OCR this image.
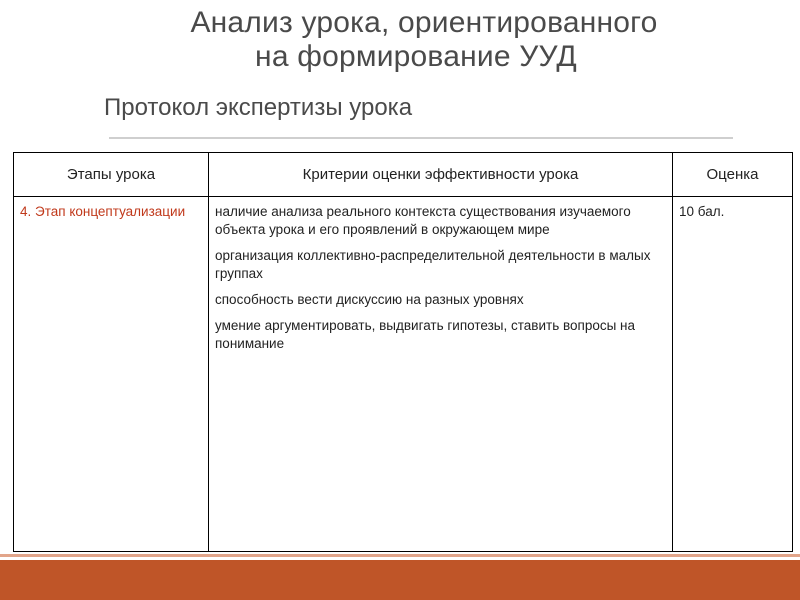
Анализ урока, ориентированного
на формирование УУД
Протокол экспертизы урока
Этапы урока	Критерии оценки эффективности урока	Оценка
4. Этап концептуализации	наличие анализа реального контекста существования изучаемого объекта урока и его проявлений в окружающем мире
организация коллективно-распределительной деятельности в малых группах
способность вести дискуссию на разных уровнях
умение аргументировать, выдвигать гипотезы, ставить вопросы на понимание	10 бал.
